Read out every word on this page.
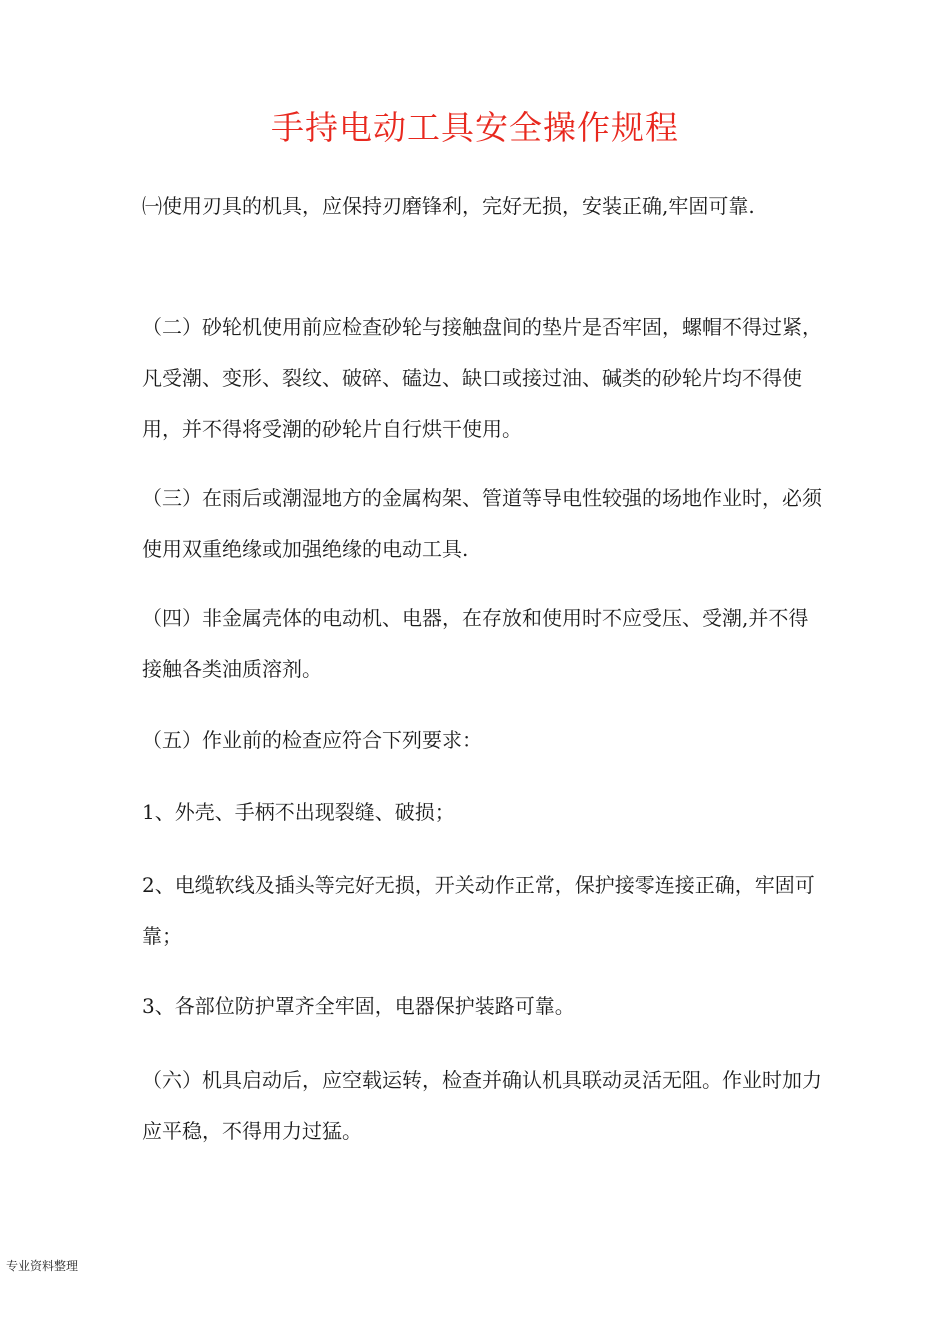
手持电动工具安全操作规程

㈠使用刃具的机具，应保持刃磨锋利，完好无损，安装正确,牢固可靠.

（二）砂轮机使用前应检查砂轮与接触盘间的垫片是否牢固，螺帽不得过紧，凡受潮、变形、裂纹、破碎、磕边、缺口或接过油、碱类的砂轮片均不得使用，并不得将受潮的砂轮片自行烘干使用。

（三）在雨后或潮湿地方的金属构架、管道等导电性较强的场地作业时，必须使用双重绝缘或加强绝缘的电动工具.

（四）非金属壳体的电动机、电器，在存放和使用时不应受压、受潮,并不得接触各类油质溶剂。

（五）作业前的检查应符合下列要求：

1、外壳、手柄不出现裂缝、破损；

2、电缆软线及插头等完好无损，开关动作正常，保护接零连接正确，牢固可靠；

3、各部位防护罩齐全牢固，电器保护装路可靠。

（六）机具启动后，应空载运转，检查并确认机具联动灵活无阻。作业时加力应平稳，不得用力过猛。

专业资料整理
